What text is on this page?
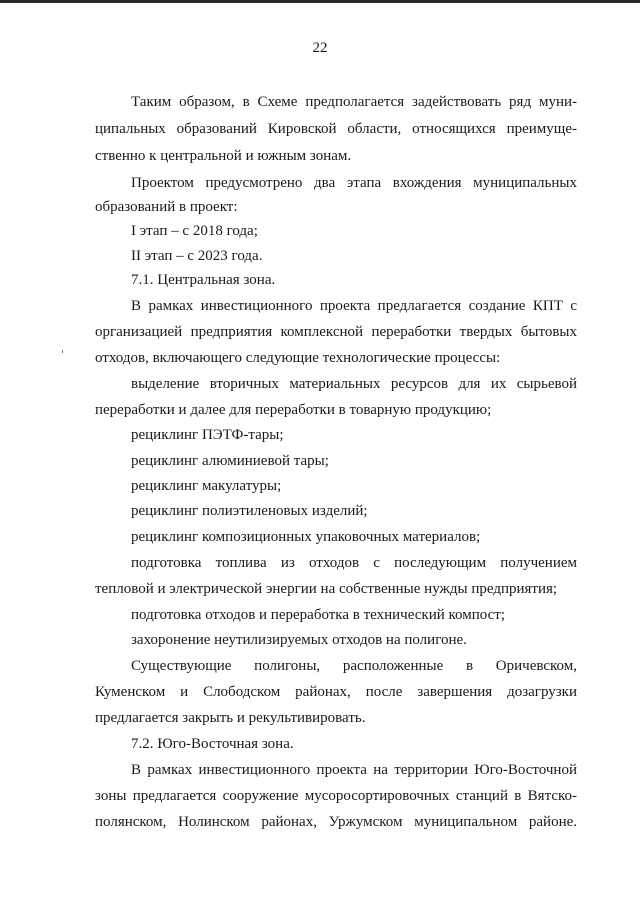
22
Таким образом, в Схеме предполагается задействовать ряд муни-
ципальных образований Кировской области, относящихся преимуще-
ственно к центральной и южным зонам.
Проектом предусмотрено два этапа вхождения муниципальных
образований в проект:
I этап – с 2018 года;
II этап – с 2023 года.
7.1. Центральная зона.
В рамках инвестиционного проекта предлагается создание КПТ с
организацией предприятия комплексной переработки твердых бытовых
отходов, включающего следующие технологические процессы:
выделение вторичных материальных ресурсов для их сырьевой
переработки и далее для переработки в товарную продукцию;
рециклинг ПЭТФ-тары;
рециклинг алюминиевой тары;
рециклинг макулатуры;
рециклинг полиэтиленовых изделий;
рециклинг композиционных упаковочных материалов;
подготовка топлива из отходов с последующим получением
тепловой и электрической энергии на собственные нужды предприятия;
подготовка отходов и переработка в технический компост;
захоронение неутилизируемых отходов на полигоне.
Существующие полигоны, расположенные в Оричевском,
Куменском и Слободском районах, после завершения дозагрузки
предлагается закрыть и рекультивировать.
7.2. Юго-Восточная зона.
В рамках инвестиционного проекта на территории Юго-Восточной
зоны предлагается сооружение мусоросортировочных станций в Вятско-
полянском, Нолинском районах, Уржумском муниципальном районе.
